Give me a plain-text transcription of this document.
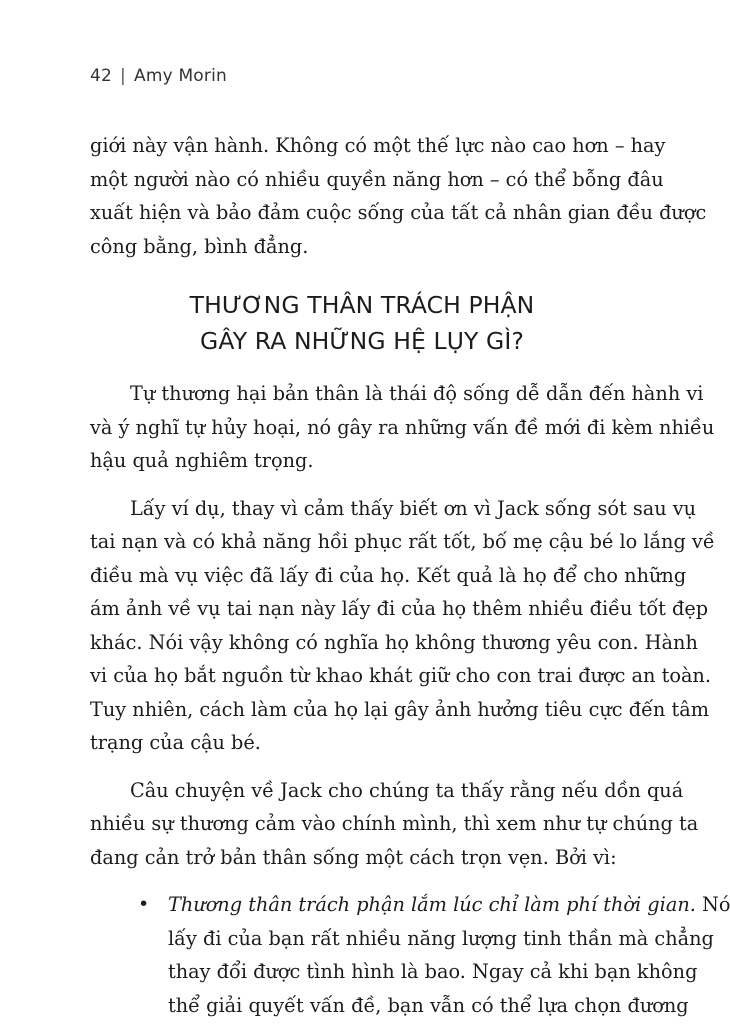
42 | Amy Morin
giới này vận hành. Không có một thế lực nào cao hơn – hay
một người nào có nhiều quyền năng hơn – có thể bỗng đâu
xuất hiện và bảo đảm cuộc sống của tất cả nhân gian đều được
công bằng, bình đẳng.
THƯƠNG THÂN TRÁCH PHẬN
GÂY RA NHỮNG HỆ LỤY GÌ?
Tự thương hại bản thân là thái độ sống dễ dẫn đến hành vi
và ý nghĩ tự hủy hoại, nó gây ra những vấn đề mới đi kèm nhiều
hậu quả nghiêm trọng.
Lấy ví dụ, thay vì cảm thấy biết ơn vì Jack sống sót sau vụ
tai nạn và có khả năng hồi phục rất tốt, bố mẹ cậu bé lo lắng về
điều mà vụ việc đã lấy đi của họ. Kết quả là họ để cho những
ám ảnh về vụ tai nạn này lấy đi của họ thêm nhiều điều tốt đẹp
khác. Nói vậy không có nghĩa họ không thương yêu con. Hành
vi của họ bắt nguồn từ khao khát giữ cho con trai được an toàn.
Tuy nhiên, cách làm của họ lại gây ảnh hưởng tiêu cực đến tâm
trạng của cậu bé.
Câu chuyện về Jack cho chúng ta thấy rằng nếu dồn quá
nhiều sự thương cảm vào chính mình, thì xem như tự chúng ta
đang cản trở bản thân sống một cách trọn vẹn. Bởi vì:
• Thương thân trách phận lắm lúc chỉ làm phí thời gian. Nó
lấy đi của bạn rất nhiều năng lượng tinh thần mà chẳng
thay đổi được tình hình là bao. Ngay cả khi bạn không
thể giải quyết vấn đề, bạn vẫn có thể lựa chọn đương
